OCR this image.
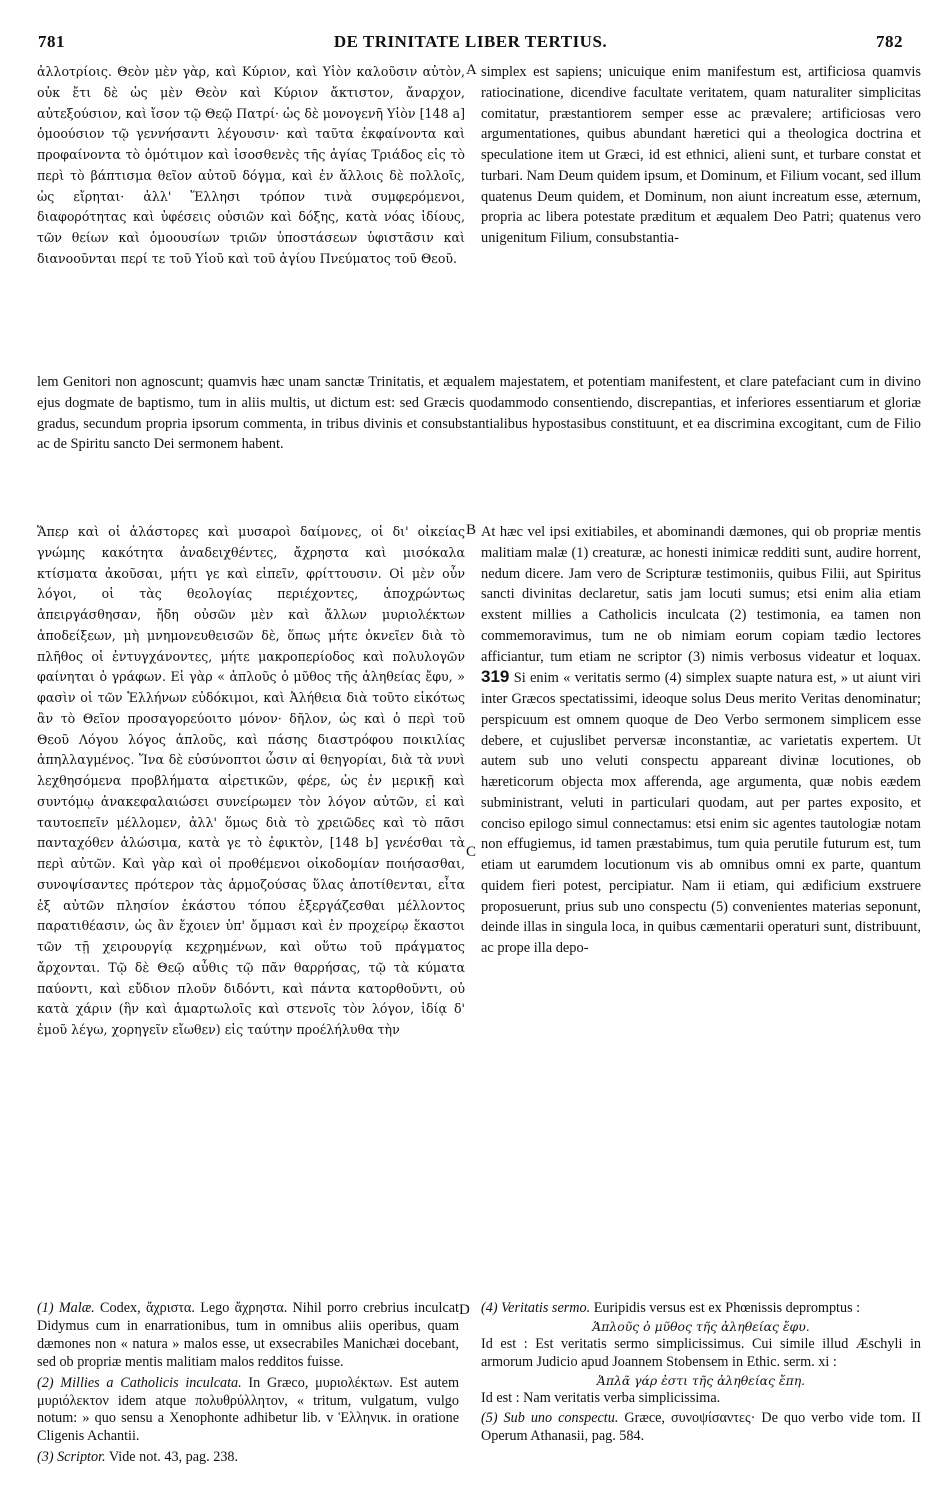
781	DE TRINITATE LIBER TERTIUS.	782
ἀλλοτρίοις. Θεὸν μὲν γὰρ, καὶ Κύριον, καὶ Υἱὸν καλοῦσιν αὐτὸν, οὐκ ἔτι δὲ ὡς μὲν Θεὸν καὶ Κύριον ἄκτιστον, ἄναρχον, αὐτεξούσιον, καὶ ἴσον τῷ Θεῷ Πατρί· ὡς δὲ μονογενῆ Υἱὸν [148 a] ὁμοούσιον τῷ γεννήσαντι λέγουσιν· καὶ ταῦτα ἐκφαίνοντα καὶ προφαίνοντα τὸ ὁμότιμον καὶ ἰσοσθενὲς τῆς ἁγίας Τριάδος εἰς τὸ περὶ τὸ βάπτισμα θεῖον αὐτοῦ δόγμα, καὶ ἐν ἄλλοις δὲ πολλοῖς, ὡς εἴρηται· ἀλλ' Ἕλλησι τρόπον τινὰ συμφερόμενοι, διαφορότητας καὶ ὑφέσεις οὐσιῶν καὶ δόξης, κατὰ νόας ἰδίους, τῶν θείων καὶ ὁμοουσίων τριῶν ὑποστάσεων ὑφιστᾶσιν καὶ διανοοῦνται περί τε τοῦ Υἱοῦ καὶ τοῦ ἁγίου Πνεύματος τοῦ Θεοῦ.
A simplex est sapiens; unicuique enim manifestum est, artificiosa quamvis ratiocinatione, dicendive facultate veritatem, quam naturaliter simplicitas comitatur, præstantiorem semper esse ac prævalere; artificiosas vero argumentationes, quibus abundant hæretici qui a theologica doctrina et speculatione item ut Græci, id est ethnici, alieni sunt, et turbare constat et turbari. Nam Deum quidem ipsum, et Dominum, et Filium vocant, sed illum quatenus Deum quidem, et Dominum, non aiunt increatum esse, æternum, propria ac libera potestate præditum et æqualem Deo Patri; quatenus vero unigenitum Filium, consubstantia-
lem Genitori non agnoscunt; quamvis hæc unam sanctæ Trinitatis, et æqualem majestatem, et potentiam manifestent, et clare patefaciant cum in divino ejus dogmate de baptismo, tum in aliis multis, ut dictum est: sed Græcis quodammodo consentiendo, discrepantias, et inferiores essentiarum et gloriæ gradus, secundum propria ipsorum commenta, in tribus divinis et consubstantialibus hypostasibus constituunt, et ea discrimina excogitant, cum de Filio ac de Spiritu sancto Dei sermonem habent.
Ἅπερ καὶ οἱ ἀλάστορες καὶ μυσαροὶ δαίμονες, οἱ δι' οἰκείας γνώμης κακότητα ἀναδειχθέντες, ἄχρηστα καὶ μισόκαλα κτίσματα ἀκοῦσαι, μήτι γε καὶ εἰπεῖν, φρίττουσιν. Οἱ μὲν οὖν λόγοι, οἱ τὰς θεολογίας περιέχοντες, ἀποχρώντως ἀπειργάσθησαν, ἤδη οὐσῶν μὲν καὶ ἄλλων μυριολέκτων ἀποδείξεων, μὴ μνημονευθεισῶν δὲ, ὅπως μήτε ὀκνεῖεν διὰ τὸ πλῆθος οἱ ἐντυγχάνοντες, μήτε μακροπερίοδος καὶ πολυλογῶν φαίνηται ὁ γράφων. Εἰ γὰρ « ἁπλοῦς ὁ μῦθος τῆς ἀληθείας ἔφυ, » φασὶν οἱ τῶν Ἑλλήνων εὐδόκιμοι, καὶ Ἀλήθεια διὰ τοῦτο εἰκότως ἂν τὸ Θεῖον προσαγορεύοιτο μόνον· δῆλον, ὡς καὶ ὁ περὶ τοῦ Θεοῦ Λόγου λόγος ἁπλοῦς, καὶ πάσης διαστρόφου ποικιλίας ἀπηλλαγμένος. Ἵνα δὲ εὐσύνοπτοι ὦσιν αἱ θεηγορίαι, διὰ τὰ νυνὶ λεχθησόμενα προβλήματα αἱρετικῶν, φέρε, ὡς ἐν μερικῇ καὶ συντόμῳ ἀνακεφαλαιώσει συνείρωμεν τὸν λόγον αὐτῶν, εἰ καὶ ταυτοεπεῖν μέλλομεν, ἀλλ' ὅμως διὰ τὸ χρειῶδες καὶ τὸ πᾶσι πανταχόθεν ἀλώσιμα, κατὰ γε τὸ ἐφικτὸν, [148 b] γενέσθαι τὰ περὶ αὐτῶν. Καὶ γὰρ καὶ οἱ προθέμενοι οἰκοδομίαν ποιήσασθαι, συνοψίσαντες πρότερον τὰς ἁρμοζούσας ὕλας ἀποτίθενται, εἶτα ἐξ αὐτῶν πλησίον ἑκάστου τόπου ἐξεργάζεσθαι μέλλοντος παρατιθέασιν, ὡς ἂν ἔχοιεν ὑπ' ὄμμασι καὶ ἐν προχείρῳ ἕκαστοι τῶν τῇ χειρουργίᾳ κεχρημένων, καὶ οὕτω τοῦ πράγματος ἄρχονται. Τῷ δὲ Θεῷ αὖθις τῷ πᾶν θαρρήσας, τῷ τὰ κύματα παύοντι, καὶ εὔδιον πλοῦν διδόντι, καὶ πάντα κατορθοῦντι, οὐ κατὰ χάριν (ἣν καὶ ἁμαρτωλοῖς καὶ στενοῖς τὸν λόγον, ἰδίᾳ δ' ἐμοῦ λέγω, χορηγεῖν εἴωθεν) εἰς ταύτην προέλήλυθα τὴν
B
C
At hæc vel ipsi exitiabiles, et abominandi dæmones, qui ob propriæ mentis malitiam malæ (1) creaturæ, ac honesti inimicæ redditi sunt, audire horrent, nedum dicere. Jam vero de Scripturæ testimoniis, quibus Filii, aut Spiritus sancti divinitas declaretur, satis jam locuti sumus; etsi enim alia etiam exstent millies a Catholicis inculcata (2) testimonia, ea tamen non commemoravimus, tum ne ob nimiam eorum copiam tædio lectores afficiantur, tum etiam ne scriptor (3) nimis verbosus videatur et loquax. 319 Si enim « veritatis sermo (4) simplex suapte natura est, » ut aiunt viri inter Græcos spectatissimi, ideoque solus Deus merito Veritas denominatur; perspicuum est omnem quoque de Deo Verbo sermonem simplicem esse debere, et cujuslibet perversæ inconstantiæ, ac varietatis expertem. Ut autem sub uno veluti conspectu appareant divinæ locutiones, ob hæreticorum objecta mox afferenda, age argumenta, quæ nobis eædem subministrant, veluti in particulari quodam, aut per partes exposito, et conciso epilogo simul connectamus: etsi enim sic agentes tautologiæ notam non effugiemus, id tamen præstabimus, tum quia perutile futurum est, tum etiam ut earumdem locutionum vis ab omnibus omni ex parte, quantum quidem fieri potest, percipiatur. Nam ii etiam, qui ædificium exstruere proposuerunt, prius sub uno conspectu (5) convenientes materias seponunt, deinde illas in singula loca, in quibus cæmentarii operaturi sunt, distribuunt, ac prope illa depo-
D

(1) Malæ. Codex, ἄχριστα. Lego ἄχρηστα. Nihil porro crebrius inculcat Didymus cum in enarrationibus, tum in omnibus aliis operibus, quam dæmones non « natura » malos esse, ut exsecrabiles Manichæi docebant, sed ob propriæ mentis malitiam malos redditos fuisse.

(2) Millies a Catholicis inculcata. In Græco, μυριολέκτων. Est autem μυριόλεκτον idem atque πολυθρύλλητον, « tritum, vulgatum, vulgo notum: » quo sensu a Xenophonte adhibetur lib. v Ἑλληνικ. in oratione Cligenis Achantii.

(3) Scriptor. Vide not. 43, pag. 238.

(4) Veritatis sermo. Euripidis versus est ex Phœnissis depromptus :
Ἁπλοῦς ὁ μῦθος τῆς ἀληθείας ἔφυ.
Id est : Est veritatis sermo simplicissimus. Cui simile illud Æschyli in armorum Judicio apud Joannem Stobensem in Ethic. serm. xi :
Ἁπλᾶ γάρ ἐστι τῆς ἀληθείας ἔπη.
Id est : Nam veritatis verba simplicissima.

(5) Sub uno conspectu. Græce, συνοψίσαντες· De quo verbo vide tom. II Operum Athanasii, pag. 584.
